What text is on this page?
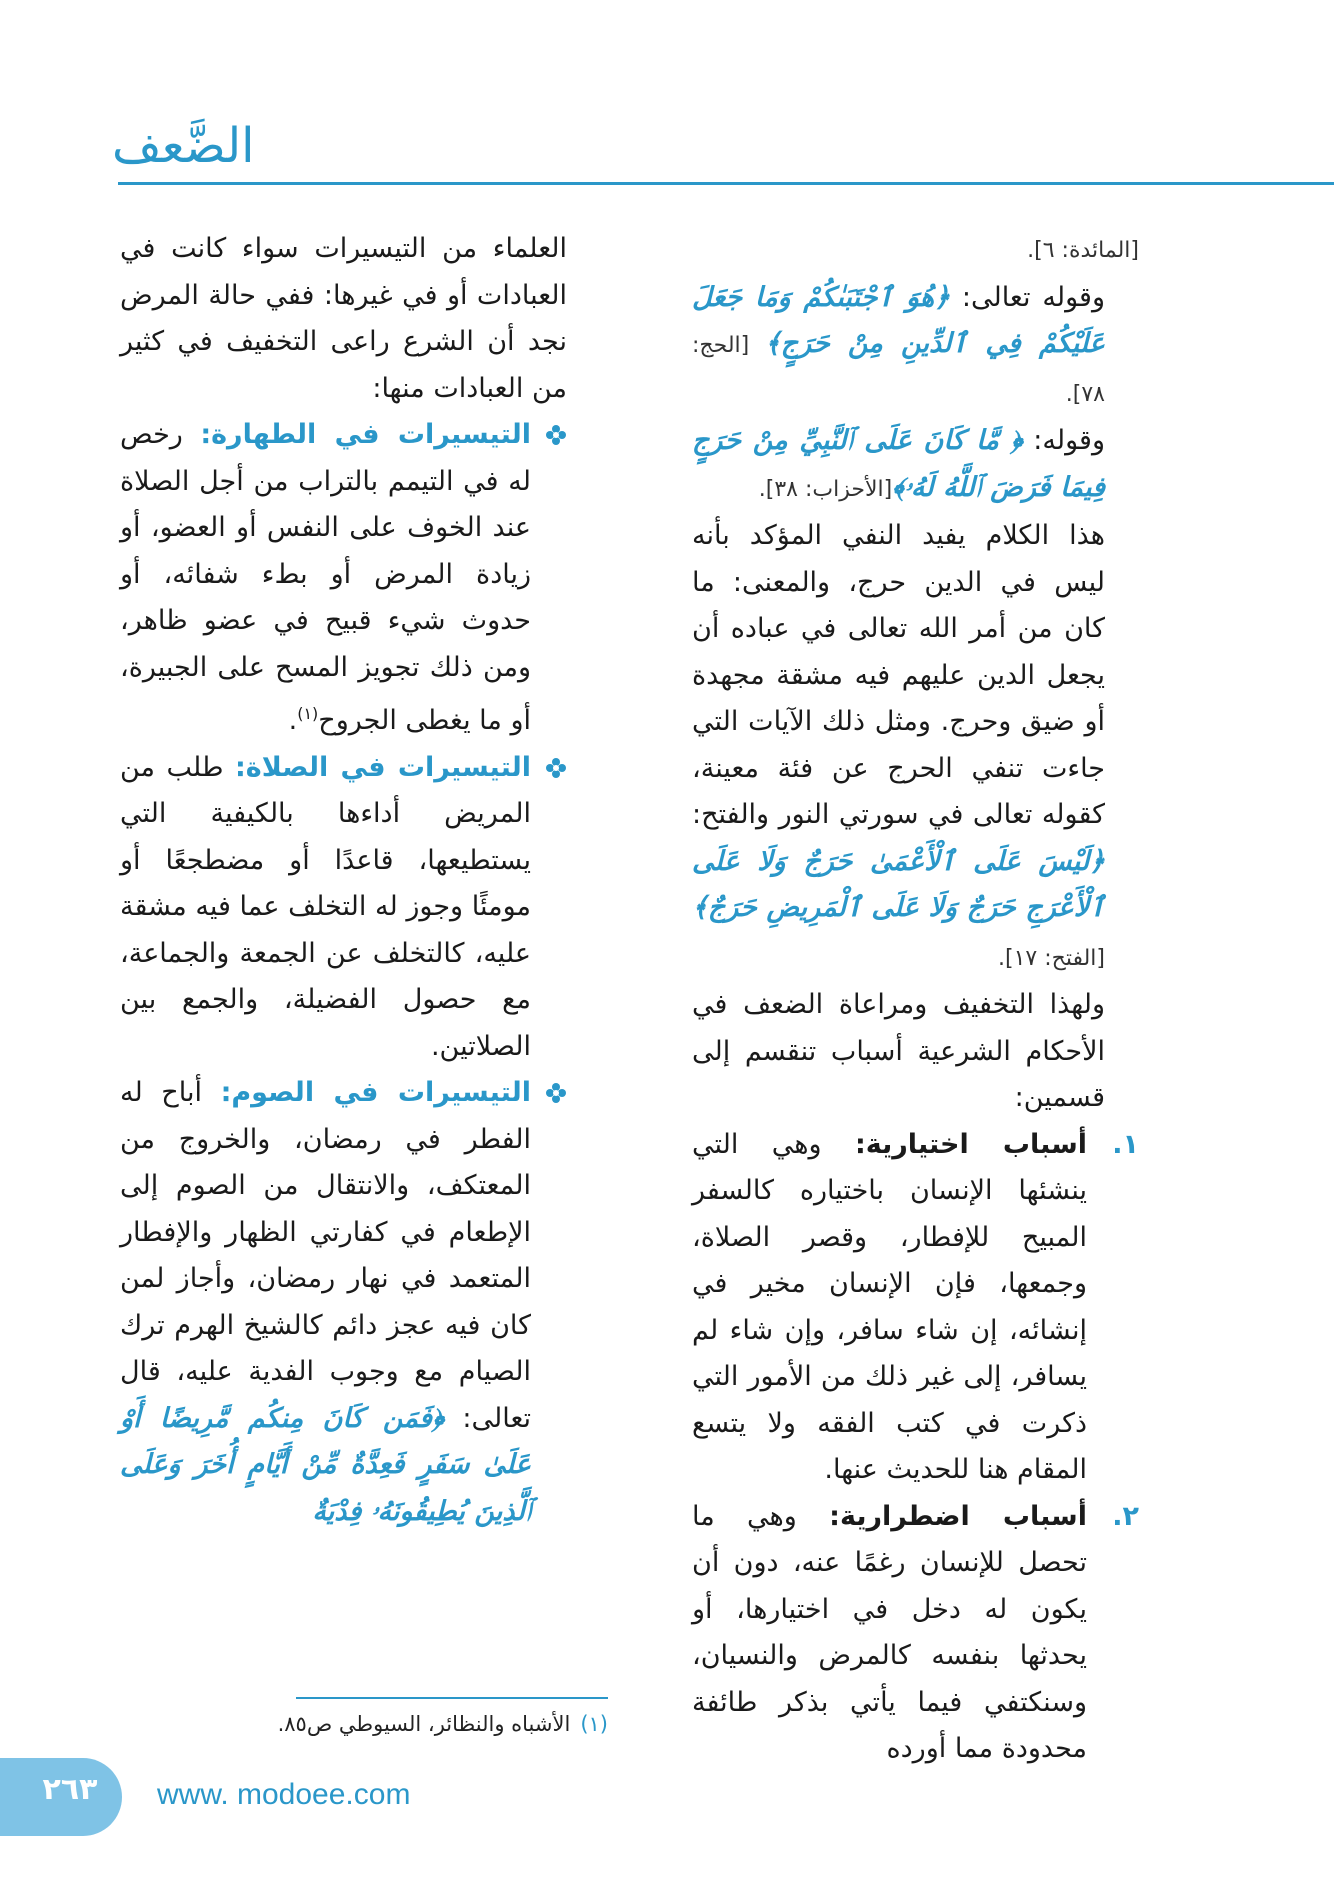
الضَّعف

[المائدة: ٦].

وقوله تعالى: ﴿هُوَ ٱجْتَبَىٰكُمْ وَمَا جَعَلَ عَلَيْكُمْ فِي ٱلدِّينِ مِنْ حَرَجٍ﴾ [الحج: ٧٨].

وقوله: ﴿ مَّا كَانَ عَلَى ٱلنَّبِيِّ مِنْ حَرَجٍ فِيمَا فَرَضَ ٱللَّهُ لَهُۥ﴾[الأحزاب: ٣٨].

هذا الكلام يفيد النفي المؤكد بأنه ليس في الدين حرج، والمعنى: ما كان من أمر الله تعالى في عباده أن يجعل الدين عليهم فيه مشقة مجهدة أو ضيق وحرج. ومثل ذلك الآيات التي جاءت تنفي الحرج عن فئة معينة، كقوله تعالى في سورتي النور والفتح: ﴿لَيْسَ عَلَى ٱلْأَعْمَىٰ حَرَجٌ وَلَا عَلَى ٱلْأَعْرَجِ حَرَجٌ وَلَا عَلَى ٱلْمَرِيضِ حَرَجٌ﴾ [الفتح: ١٧].

ولهذا التخفيف ومراعاة الضعف في الأحكام الشرعية أسباب تنقسم إلى قسمين:

١.
أسباب اختيارية: وهي التي ينشئها الإنسان باختياره كالسفر المبيح للإفطار، وقصر الصلاة، وجمعها، فإن الإنسان مخير في إنشائه، إن شاء سافر، وإن شاء لم يسافر، إلى غير ذلك من الأمور التي ذكرت في كتب الفقه ولا يتسع المقام هنا للحديث عنها.
٢.
أسباب اضطرارية: وهي ما تحصل للإنسان رغمًا عنه، دون أن يكون له دخل في اختيارها، أو يحدثها بنفسه كالمرض والنسيان، وسنكتفي فيما يأتي بذكر طائفة محدودة مما أورده

العلماء من التيسيرات سواء كانت في العبادات أو في غيرها: ففي حالة المرض نجد أن الشرع راعى التخفيف في كثير من العبادات منها:

التيسيرات في الطهارة: رخص له في التيمم بالتراب من أجل الصلاة عند الخوف على النفس أو العضو، أو زيادة المرض أو بطء شفائه، أو حدوث شيء قبيح في عضو ظاهر، ومن ذلك تجويز المسح على الجبيرة، أو ما يغطى الجروح$^{(١)}$.
التيسيرات في الصلاة: طلب من المريض أداءها بالكيفية التي يستطيعها، قاعدًا أو مضطجعًا أو مومئًا وجوز له التخلف عما فيه مشقة عليه، كالتخلف عن الجمعة والجماعة، مع حصول الفضيلة، والجمع بين الصلاتين.
التيسيرات في الصوم: أباح له الفطر في رمضان، والخروج من المعتكف، والانتقال من الصوم إلى الإطعام في كفارتي الظهار والإفطار المتعمد في نهار رمضان، وأجاز لمن كان فيه عجز دائم كالشيخ الهرم ترك الصيام مع وجوب الفدية عليه، قال تعالى: ﴿فَمَن كَانَ مِنكُم مَّرِيضًا أَوْ عَلَىٰ سَفَرٍ فَعِدَّةٌ مِّنْ أَيَّامٍ أُخَرَ وَعَلَى ٱلَّذِينَ يُطِيقُونَهُۥ فِدْيَةٌ
(١)الأشباه والنظائر، السيوطي ص٨٥.
٢٦٣	www. modoee.com
